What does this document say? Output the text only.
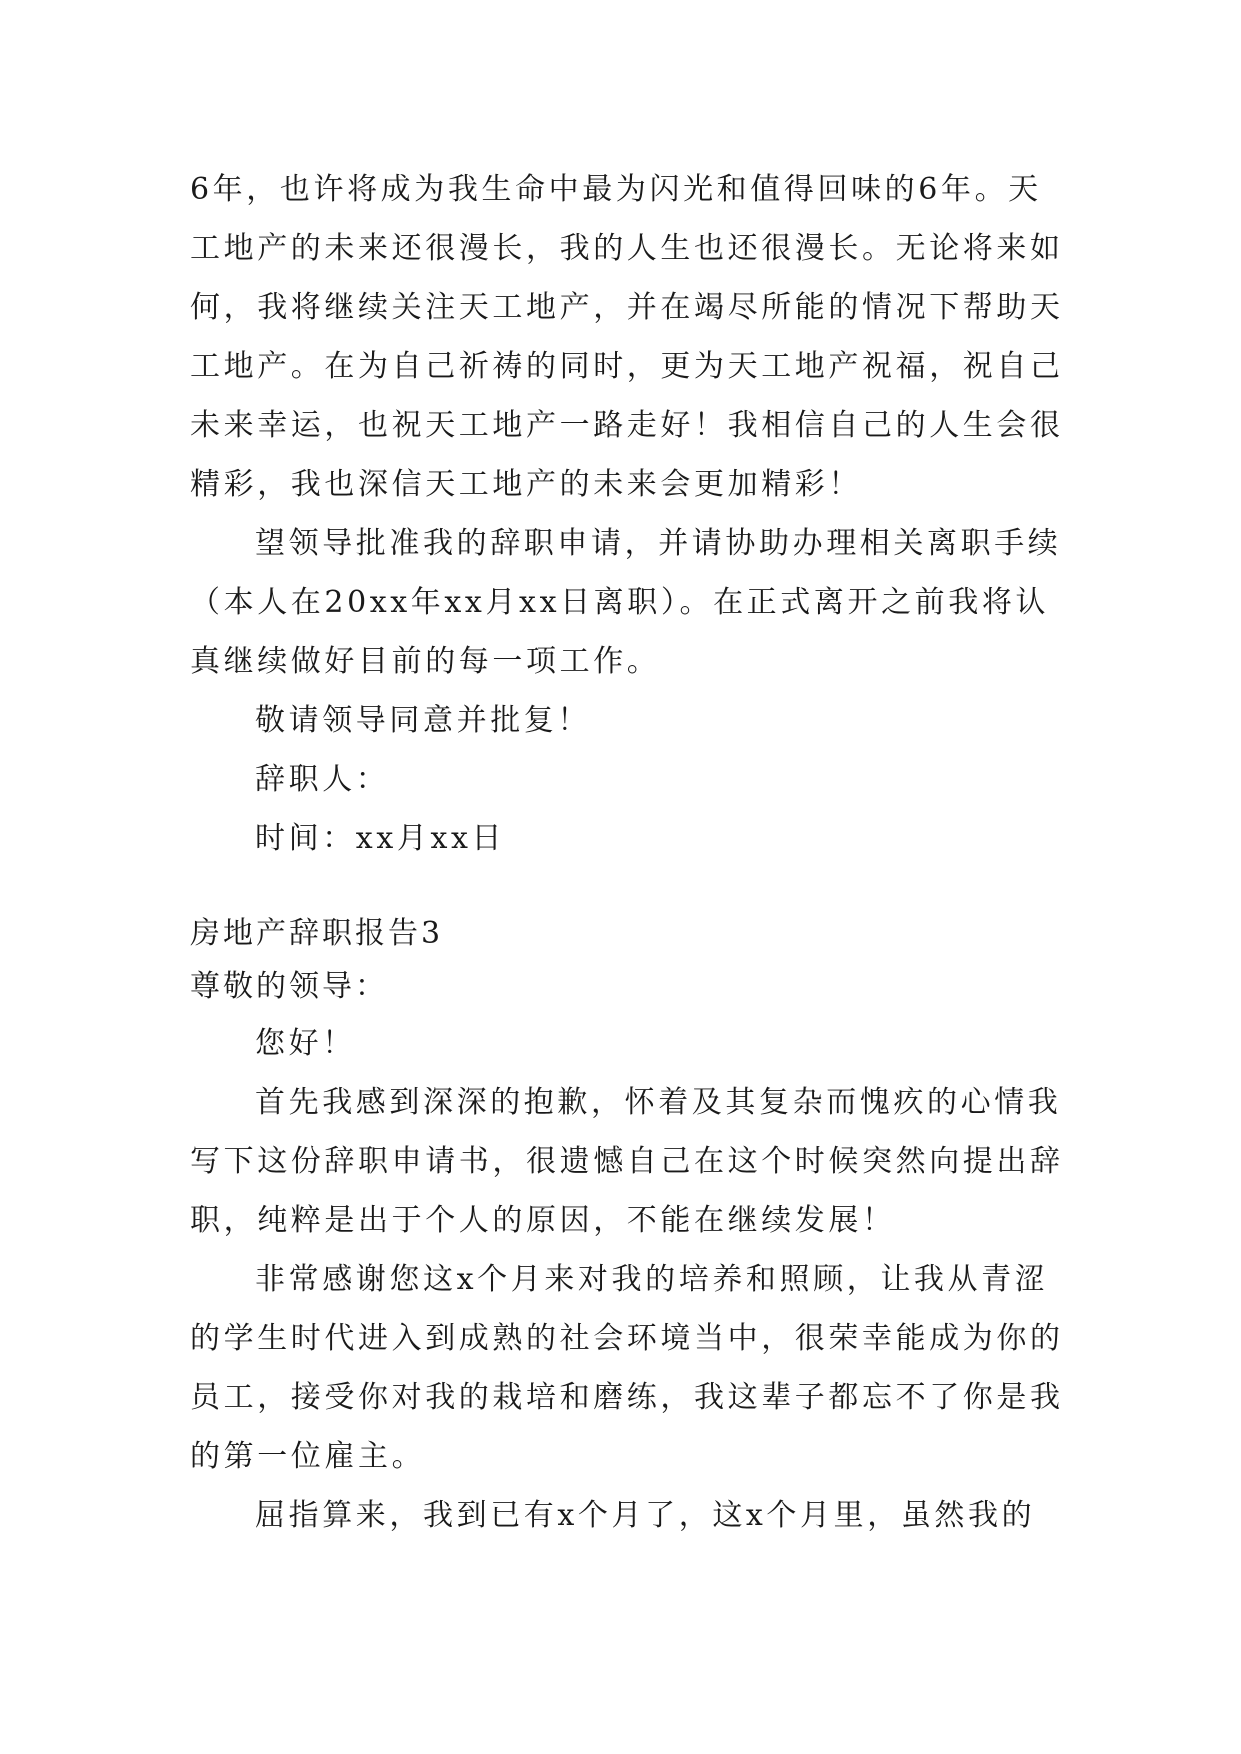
6年，也许将成为我生命中最为闪光和值得回味的6年。天工地产的未来还很漫长，我的人生也还很漫长。无论将来如何，我将继续关注天工地产，并在竭尽所能的情况下帮助天工地产。在为自己祈祷的同时，更为天工地产祝福，祝自己未来幸运，也祝天工地产一路走好！我相信自己的人生会很精彩，我也深信天工地产的未来会更加精彩！

望领导批准我的辞职申请，并请协助办理相关离职手续（本人在20xx年xx月xx日离职）。在正式离开之前我将认真继续做好目前的每一项工作。

敬请领导同意并批复！

辞职人：

时间：xx月xx日

房地产辞职报告3

尊敬的领导：

您好！

首先我感到深深的抱歉，怀着及其复杂而愧疚的心情我写下这份辞职申请书，很遗憾自己在这个时候突然向提出辞职，纯粹是出于个人的原因，不能在继续发展！

非常感谢您这x个月来对我的培养和照顾，让我从青涩的学生时代进入到成熟的社会环境当中，很荣幸能成为你的员工，接受你对我的栽培和磨练，我这辈子都忘不了你是我的第一位雇主。

屈指算来，我到已有x个月了，这x个月里，虽然我的
